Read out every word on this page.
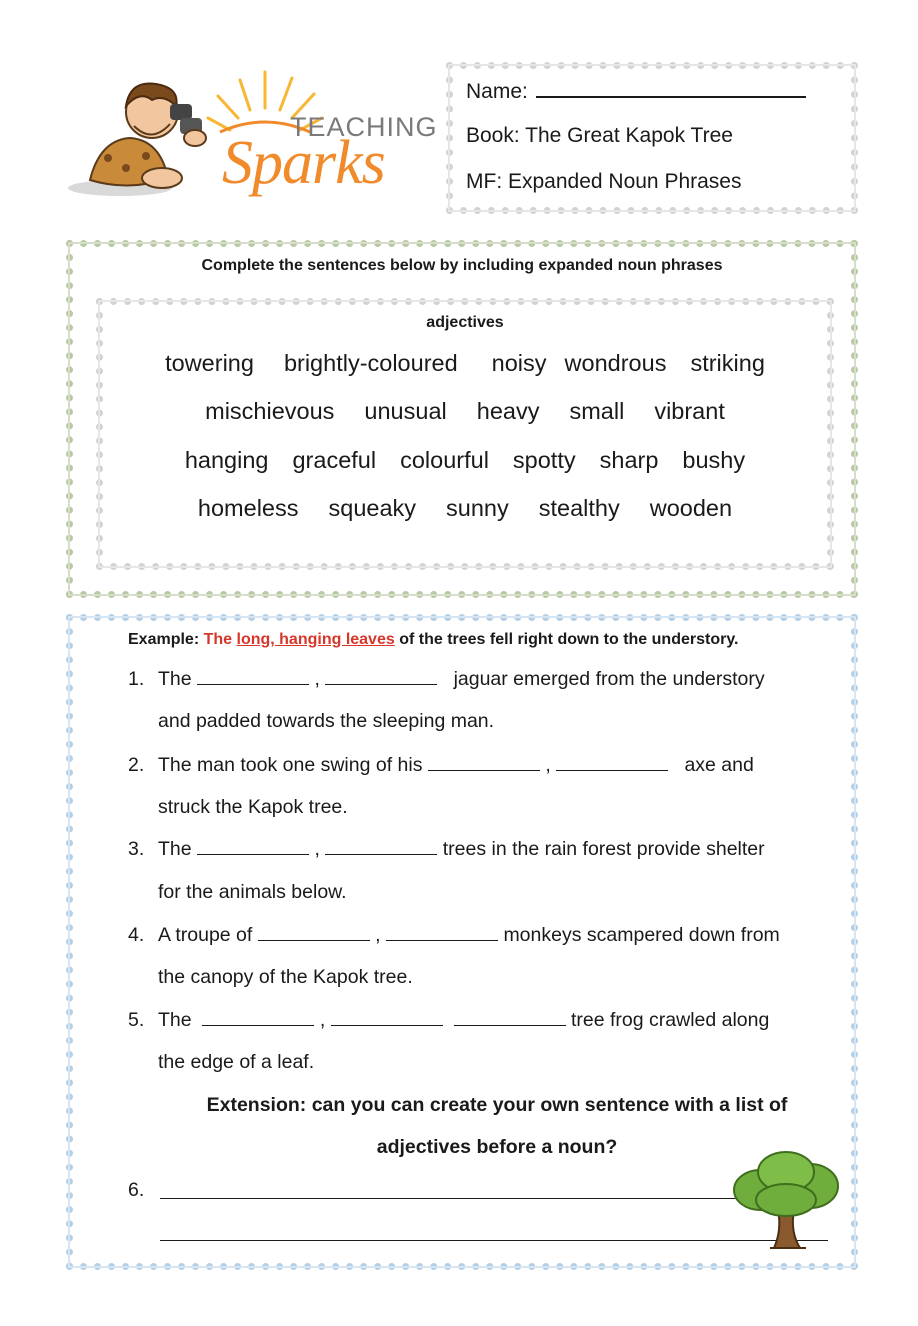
TEACHING
Sparks
Name:
Book: The Great Kapok Tree
MF: Expanded Noun Phrases
Complete the sentences below by including expanded noun phrases
adjectives
towering brightly-coloured noisy wondrous striking
mischievous unusual heavy small vibrant
hanging graceful colourful spotty sharp bushy
homeless squeaky sunny stealthy wooden
Example: The long, hanging leaves of the trees fell right down to the understory.
1. The	,	jaguar emerged from the understory
and padded towards the sleeping man.
2. The man took one swing of his	,	axe and
struck the Kapok tree.
3. The	,	trees in the rain forest provide shelter
for the animals below.
4. A troupe of	,	monkeys scampered down from
the canopy of the Kapok tree.
5. The	,	tree frog crawled along
the edge of a leaf.
Extension: can you can create your own sentence with a list of
adjectives before a noun?
6.
